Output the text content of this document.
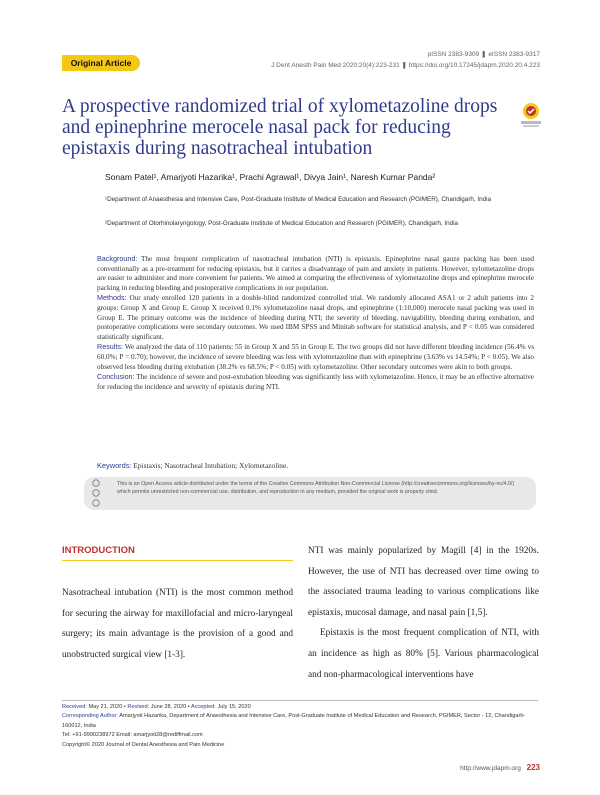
Original Article
pISSN 2383-9309 ❚ eISSN 2383-9317
J Dent Anesth Pain Med 2020;20(4):223-231 ❚ https://doi.org/10.17245/jdapm.2020.20.4.223
A prospective randomized trial of xylometazoline drops and epinephrine merocele nasal pack for reducing epistaxis during nasotracheal intubation
Sonam Patel¹, Amarjyoti Hazarika¹, Prachi Agrawal¹, Divya Jain¹, Naresh Kumar Panda²
¹Department of Anaesthesia and Intensive Care, Post-Graduate Institute of Medical Education and Research (PGIMER), Chandigarh, India
²Department of Otorhinolaryngology, Post-Graduate Institute of Medical Education and Research (PGIMER), Chandigarh, India
Background: The most frequent complication of nasotracheal intubation (NTI) is epistaxis. Epinephrine nasal gauze packing has been used conventionally as a pre-treatment for reducing epistaxis, but it carries a disadvantage of pain and anxiety in patients. However, xylometazoline drops are easier to administer and more convenient for patients. We aimed at comparing the effectiveness of xylometazoline drops and epinephrine merocele packing in reducing bleeding and postoperative complications in our population.
Methods: Our study enrolled 120 patients in a double-blind randomized controlled trial. We randomly allocated ASA1 or 2 adult patients into 2 groups: Group X and Group E. Group X received 0.1% xylometazoline nasal drops, and epinephrine (1:10,000) merocele nasal packing was used in Group E. The primary outcome was the incidence of bleeding during NTI; the severity of bleeding, navigability, bleeding during extubation, and postoperative complications were secondary outcomes. We used IBM SPSS and Minitab software for statistical analysis, and P < 0.05 was considered statistically significant.
Results: We analyzed the data of 110 patients: 55 in Group X and 55 in Group E. The two groups did not have different bleeding incidence (56.4% vs 60.0%; P = 0.70); however, the incidence of severe bleeding was less with xylometazoline than with epinephrine (3.63% vs 14.54%; P < 0.05). We also observed less bleeding during extubation (38.2% vs 68.5%; P < 0.05) with xylometazoline. Other secondary outcomes were akin to both groups.
Conclusion: The incidence of severe and post-extubation bleeding was significantly less with xylometazoline. Hence, it may be an effective alternative for reducing the incidence and severity of epistaxis during NTI.
Keywords: Epistaxis; Nasotracheal Intubation; Xylometazoline.
This is an Open Access article distributed under the terms of the Creative Commons Attribution Non-Commercial License (http://creativecommons.org/licenses/by-nc/4.0/) which permits unrestricted non-commercial use, distribution, and reproduction in any medium, provided the original work is properly cited.
INTRODUCTION
Nasotracheal intubation (NTI) is the most common method for securing the airway for maxillofacial and micro-laryngeal surgery; its main advantage is the provision of a good and unobstructed surgical view [1-3].
NTI was mainly popularized by Magill [4] in the 1920s. However, the use of NTI has decreased over time owing to the associated trauma leading to various complications like epistaxis, mucosal damage, and nasal pain [1,5].
Epistaxis is the most frequent complication of NTI, with an incidence as high as 80% [5]. Various pharmacological and non-pharmacological interventions have
Received: May 21, 2020 • Revised: June 28, 2020 • Accepted: July 15, 2020
Corresponding Author: Amarjyoti Hazarika, Department of Anaesthesia and Intensive Care, Post-Graduate Institute of Medical Education and Research, PGIMER, Sector - 12, Chandigarh-160012, India
Tel: +91-9990238972 Email: amarjyoti28@rediffmail.com
Copyright© 2020 Journal of Dental Anesthesia and Pain Medicine
http://www.jdapm.org 223
